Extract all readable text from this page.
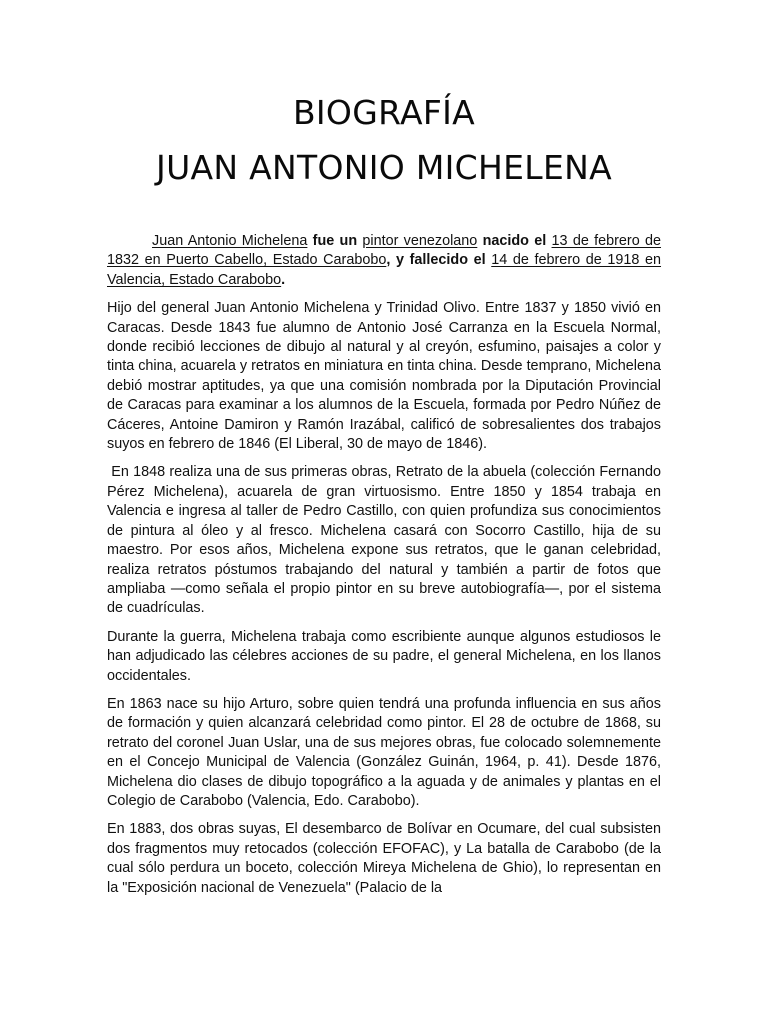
BIOGRAFÍA
JUAN ANTONIO MICHELENA

Juan Antonio Michelena fue un pintor venezolano nacido el 13 de febrero de 1832 en Puerto Cabello, Estado Carabobo, y fallecido el 14 de febrero de 1918 en Valencia, Estado Carabobo.

Hijo del general Juan Antonio Michelena y Trinidad Olivo. Entre 1837 y 1850 vivió en Caracas. Desde 1843 fue alumno de Antonio José Carranza en la Escuela Normal, donde recibió lecciones de dibujo al natural y al creyón, esfumino, paisajes a color y tinta china, acuarela y retratos en miniatura en tinta china. Desde temprano, Michelena debió mostrar aptitudes, ya que una comisión nombrada por la Diputación Provincial de Caracas para examinar a los alumnos de la Escuela, formada por Pedro Núñez de Cáceres, Antoine Damiron y Ramón Irazábal, calificó de sobresalientes dos trabajos suyos en febrero de 1846 (El Liberal, 30 de mayo de 1846).

En 1848 realiza una de sus primeras obras, Retrato de la abuela (colección Fernando Pérez Michelena), acuarela de gran virtuosismo. Entre 1850 y 1854 trabaja en Valencia e ingresa al taller de Pedro Castillo, con quien profundiza sus conocimientos de pintura al óleo y al fresco. Michelena casará con Socorro Castillo, hija de su maestro. Por esos años, Michelena expone sus retratos, que le ganan celebridad, realiza retratos póstumos trabajando del natural y también a partir de fotos que ampliaba —como señala el propio pintor en su breve autobiografía—, por el sistema de cuadrículas.

Durante la guerra, Michelena trabaja como escribiente aunque algunos estudiosos le han adjudicado las célebres acciones de su padre, el general Michelena, en los llanos occidentales.

En 1863 nace su hijo Arturo, sobre quien tendrá una profunda influencia en sus años de formación y quien alcanzará celebridad como pintor. El 28 de octubre de 1868, su retrato del coronel Juan Uslar, una de sus mejores obras, fue colocado solemnemente en el Concejo Municipal de Valencia (González Guinán, 1964, p. 41). Desde 1876, Michelena dio clases de dibujo topográfico a la aguada y de animales y plantas en el Colegio de Carabobo (Valencia, Edo. Carabobo).

En 1883, dos obras suyas, El desembarco de Bolívar en Ocumare, del cual subsisten dos fragmentos muy retocados (colección EFOFAC), y La batalla de Carabobo (de la cual sólo perdura un boceto, colección Mireya Michelena de Ghio), lo representan en la "Exposición nacional de Venezuela" (Palacio de la
